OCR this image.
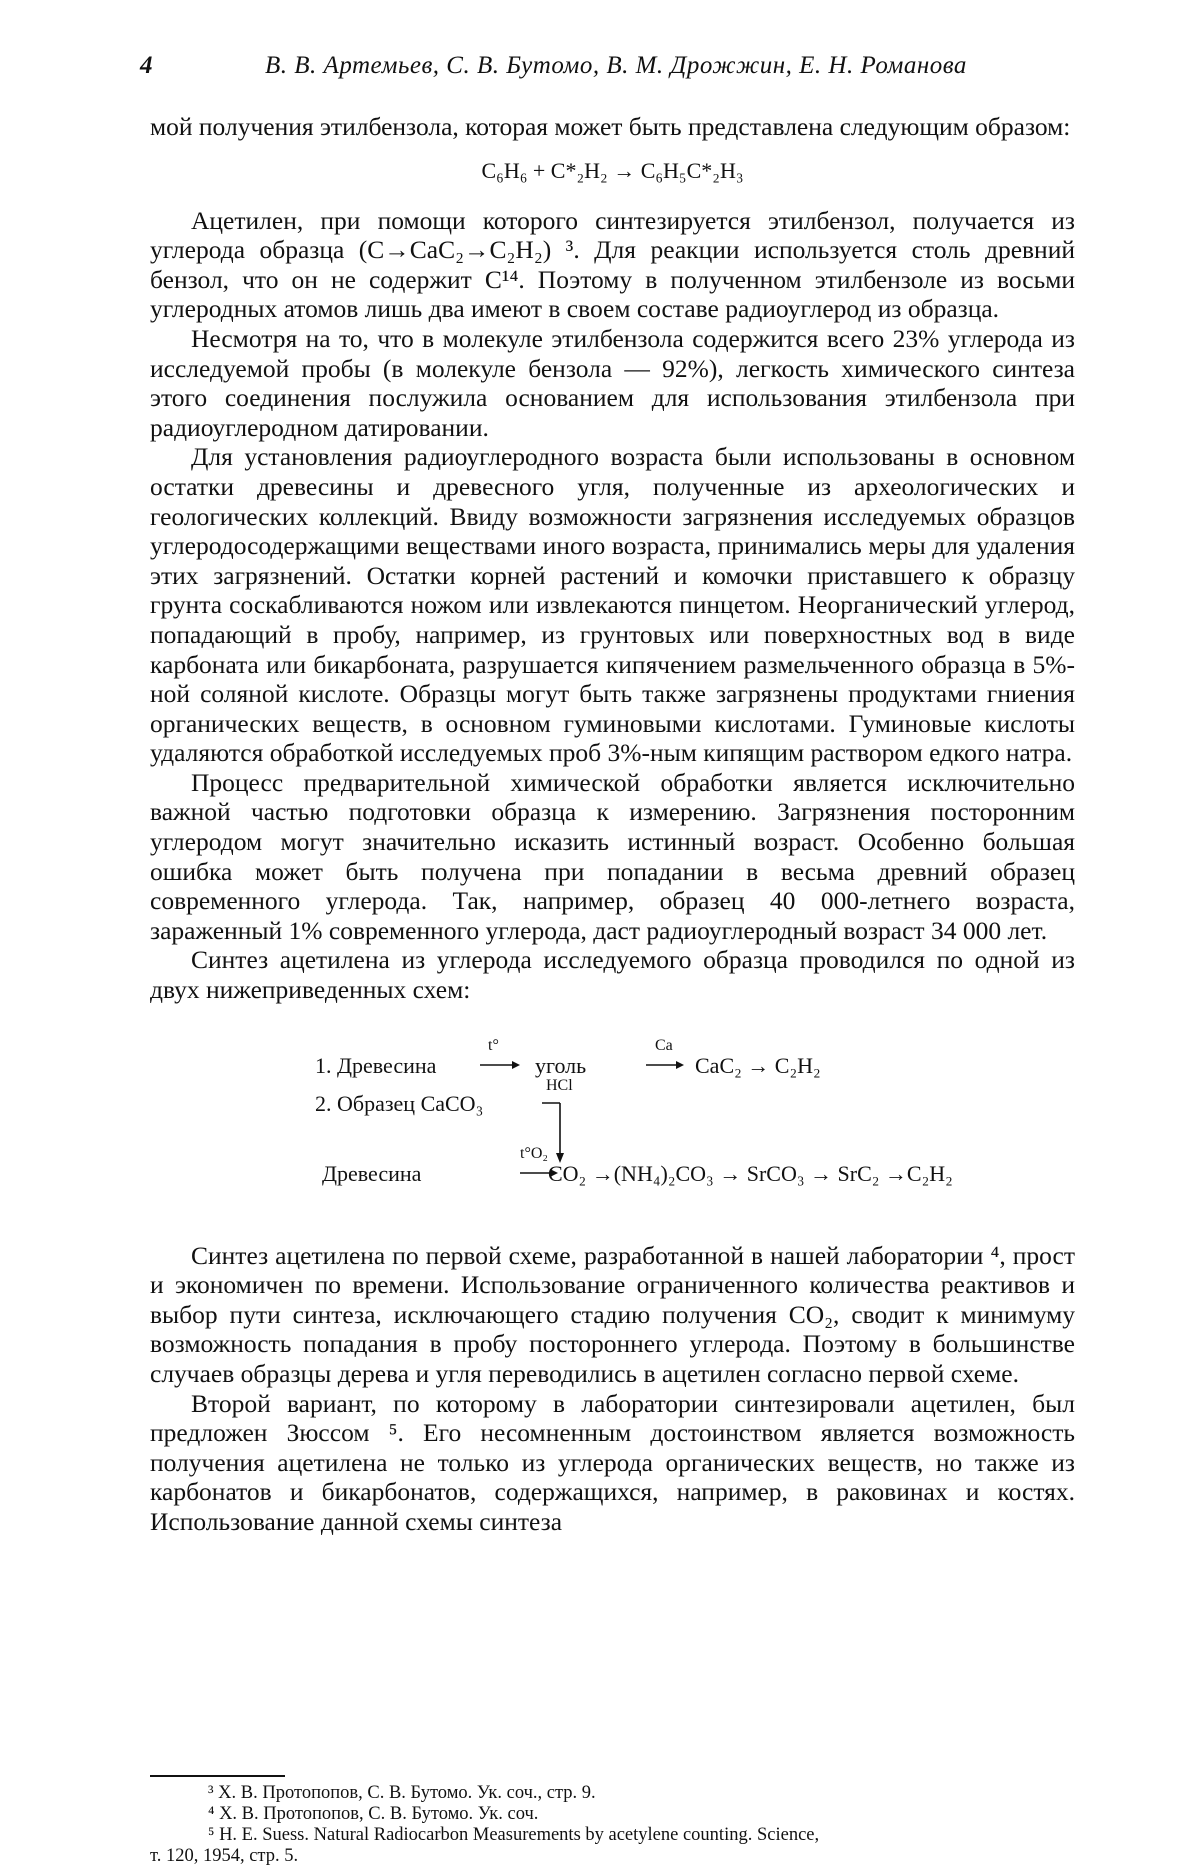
4	В. В. Артемьев, С. В. Бутомо, В. М. Дрожжин, Е. Н. Романова

мой получения этилбензола, которая может быть представлена следующим образом:

C₆H₆ + C*₂H₂ → C₆H₅C*₂H₃

Ацетилен, при помощи которого синтезируется этилбензол, получается из углерода образца (C→CaC₂→C₂H₂) ³. Для реакции используется столь древний бензол, что он не содержит C¹⁴. Поэтому в полученном этилбензоле из восьми углеродных атомов лишь два имеют в своем составе радиоуглерод из образца.

Несмотря на то, что в молекуле этилбензола содержится всего 23% углерода из исследуемой пробы (в молекуле бензола — 92%), легкость химического синтеза этого соединения послужила основанием для использования этилбензола при радиоуглеродном датировании.

Для установления радиоуглеродного возраста были использованы в основном остатки древесины и древесного угля, полученные из археологических и геологических коллекций. Ввиду возможности загрязнения исследуемых образцов углеродосодержащими веществами иного возраста, принимались меры для удаления этих загрязнений. Остатки корней растений и комочки приставшего к образцу грунта соскабливаются ножом или извлекаются пинцетом. Неорганический углерод, попадающий в пробу, например, из грунтовых или поверхностных вод в виде карбоната или бикарбоната, разрушается кипячением размельченного образца в 5%-ной соляной кислоте. Образцы могут быть также загрязнены продуктами гниения органических веществ, в основном гуминовыми кислотами. Гуминовые кислоты удаляются обработкой исследуемых проб 3%-ным кипящим раствором едкого натра.

Процесс предварительной химической обработки является исключительно важной частью подготовки образца к измерению. Загрязнения посторонним углеродом могут значительно исказить истинный возраст. Особенно большая ошибка может быть получена при попадании в весьма древний образец современного углерода. Так, например, образец 40 000-летнего возраста, зараженный 1% современного углерода, даст радиоуглеродный возраст 34 000 лет.

Синтез ацетилена из углерода исследуемого образца проводился по одной из двух нижеприведенных схем:

1. Древесина
t°
уголь
Ca
CaC₂ → C₂H₂
HCl
2. Образец CaCO₃
Древесина
t°O₂
CO₂ →(NH₄)₂CO₃ → SrCO₃ → SrC₂ →C₂H₂

Синтез ацетилена по первой схеме, разработанной в нашей лаборатории ⁴, прост и экономичен по времени. Использование ограниченного количества реактивов и выбор пути синтеза, исключающего стадию получения CO₂, сводит к минимуму возможность попадания в пробу постороннего углерода. Поэтому в большинстве случаев образцы дерева и угля переводились в ацетилен согласно первой схеме.

Второй вариант, по которому в лаборатории синтезировали ацетилен, был предложен Зюссом ⁵. Его несомненным достоинством является возможность получения ацетилена не только из углерода органических веществ, но также из карбонатов и бикарбонатов, содержащихся, например, в раковинах и костях. Использование данной схемы синтеза

³ Х. В. Протопопов, С. В. Бутомо. Ук. соч., стр. 9.
⁴ Х. В. Протопопов, С. В. Бутомо. Ук. соч.
⁵ H. E. Suess. Natural Radiocarbon Measurements by acetylene counting. Science,
т. 120, 1954, стр. 5.
